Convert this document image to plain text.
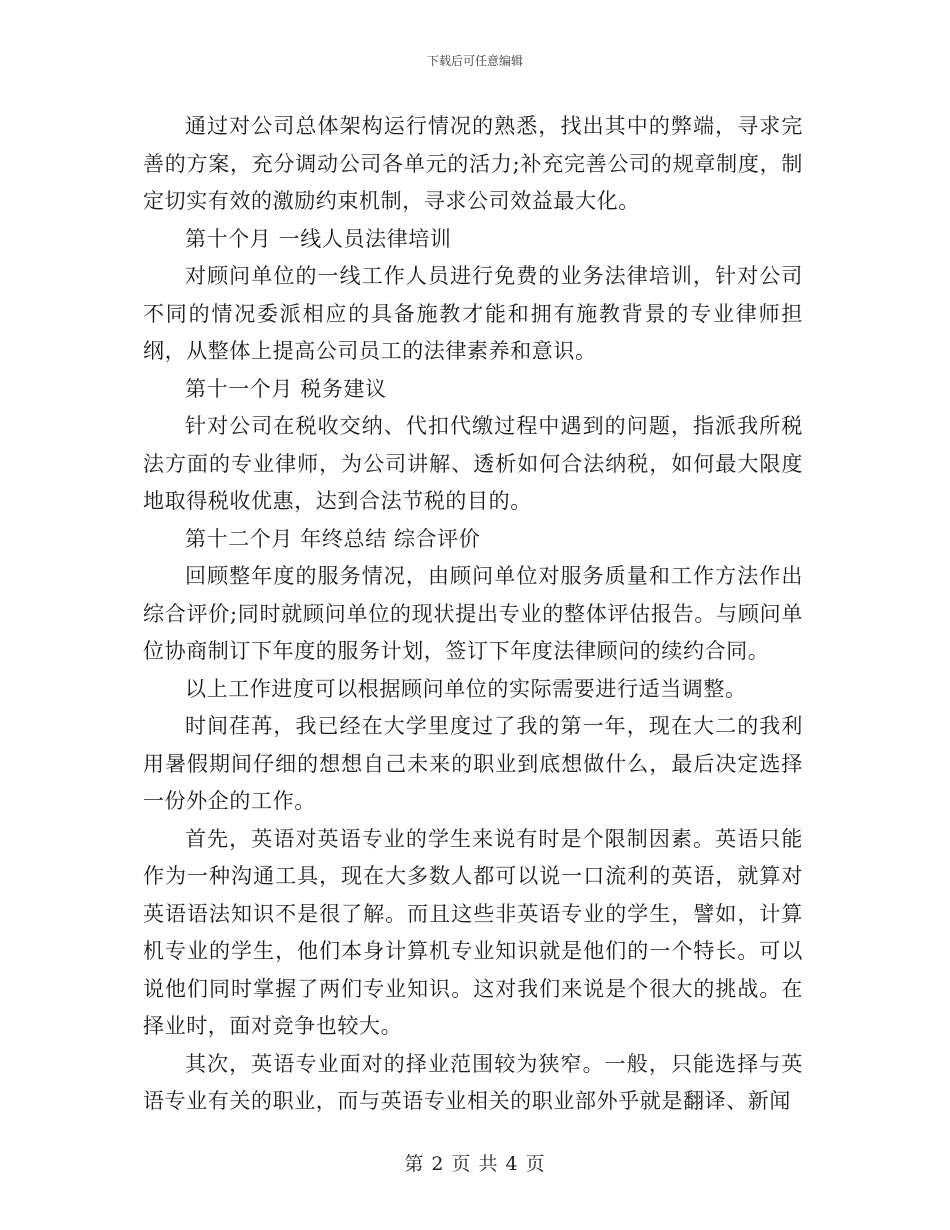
下载后可任意编辑

通过对公司总体架构运行情况的熟悉，找出其中的弊端，寻求完善的方案，充分调动公司各单元的活力;补充完善公司的规章制度，制定切实有效的激励约束机制，寻求公司效益最大化。

第十个月 一线人员法律培训

对顾问单位的一线工作人员进行免费的业务法律培训，针对公司不同的情况委派相应的具备施教才能和拥有施教背景的专业律师担纲，从整体上提高公司员工的法律素养和意识。

第十一个月 税务建议

针对公司在税收交纳、代扣代缴过程中遇到的问题，指派我所税法方面的专业律师，为公司讲解、透析如何合法纳税，如何最大限度地取得税收优惠，达到合法节税的目的。

第十二个月 年终总结 综合评价

回顾整年度的服务情况，由顾问单位对服务质量和工作方法作出综合评价;同时就顾问单位的现状提出专业的整体评估报告。与顾问单位协商制订下年度的服务计划，签订下年度法律顾问的续约合同。

以上工作进度可以根据顾问单位的实际需要进行适当调整。

时间荏苒，我已经在大学里度过了我的第一年，现在大二的我利用暑假期间仔细的想想自己未来的职业到底想做什么，最后决定选择一份外企的工作。

首先，英语对英语专业的学生来说有时是个限制因素。英语只能作为一种沟通工具，现在大多数人都可以说一口流利的英语，就算对英语语法知识不是很了解。而且这些非英语专业的学生，譬如，计算机专业的学生，他们本身计算机专业知识就是他们的一个特长。可以说他们同时掌握了两们专业知识。这对我们来说是个很大的挑战。在择业时，面对竞争也较大。

其次，英语专业面对的择业范围较为狭窄。一般，只能选择与英语专业有关的职业，而与英语专业相关的职业部外乎就是翻译、新闻

第 2 页 共 4 页
